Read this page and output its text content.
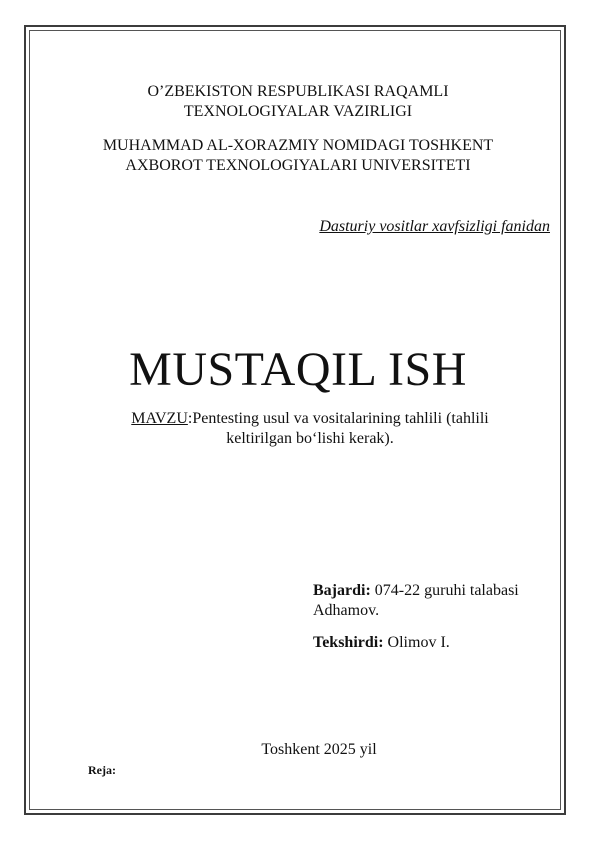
O’ZBEKISTON RESPUBLIKASI RAQAMLI
TEXNOLOGIYALAR VAZIRLIGI
MUHAMMAD AL-XORAZMIY NOMIDAGI TOSHKENT
AXBOROT TEXNOLOGIYALARI UNIVERSITETI
Dasturiy vositlar xavfsizligi fanidan
MUSTAQIL ISH
MAVZU:Pentesting usul va vositalarining tahlili (tahlili keltirilgan bo‘lishi kerak).
Bajardi: 074-22 guruhi talabasi Adhamov.
Tekshirdi: Olimov I.
Toshkent 2025 yil
Reja:
